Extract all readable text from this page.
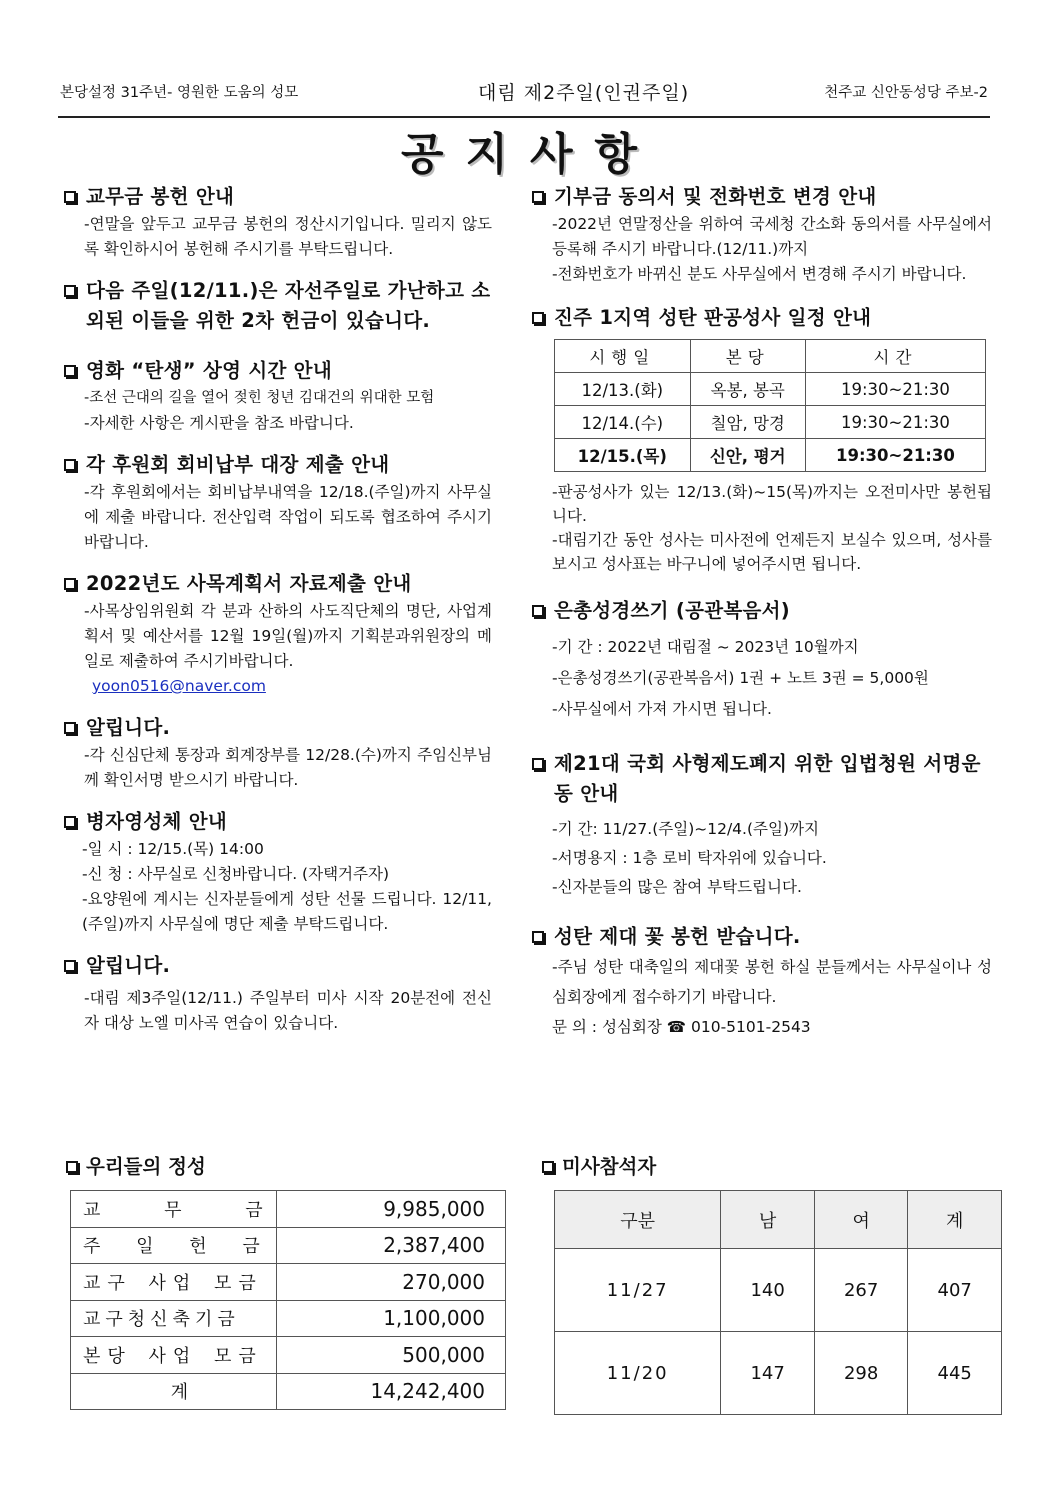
본당설정 31주년- 영원한 도움의 성모	대림 제2주일(인권주일)	천주교 신안동성당 주보-2
공지사항
교무금 봉헌 안내

-연말을 앞두고 교무금 봉헌의 정산시기입니다. 밀리지 않도록 확인하시어 봉헌해 주시기를 부탁드립니다.

다음 주일(12/11.)은 자선주일로 가난하고 소외된 이들을 위한 2차 헌금이 있습니다.
영화 “탄생” 상영 시간 안내

-조선 근대의 길을 열어 젖힌 청년 김대건의 위대한 모험

-자세한 사항은 게시판을 참조 바랍니다.

각 후원회 회비납부 대장 제출 안내

-각 후원회에서는 회비납부내역을 12/18.(주일)까지 사무실에 제출 바랍니다. 전산입력 작업이 되도록 협조하여 주시기 바랍니다.

2022년도 사목계획서 자료제출 안내

-사목상임위원회 각 분과 산하의 사도직단체의 명단, 사업계획서 및 예산서를 12월 19일(월)까지 기획분과위원장의 메일로 제출하여 주시기바랍니다.

yoon0516@naver.com

알립니다.

-각 신심단체 통장과 회계장부를 12/28.(수)까지 주임신부님께 확인서명 받으시기 바랍니다.

병자영성체 안내

-일 시 : 12/15.(목) 14:00

-신 청 : 사무실로 신청바랍니다. (자택거주자)

-요양원에 계시는 신자분들에게 성탄 선물 드립니다. 12/11,(주일)까지 사무실에 명단 제출 부탁드립니다.

알립니다.

-대림 제3주일(12/11.) 주일부터 미사 시작 20분전에 전신자 대상 노엘 미사곡 연습이 있습니다.

기부금 동의서 및 전화번호 변경 안내

-2022년 연말정산을 위하여 국세청 간소화 동의서를 사무실에서 등록해 주시기 바랍니다.(12/11.)까지

-전화번호가 바뀌신 분도 사무실에서 변경해 주시기 바랍니다.

진주 1지역 성탄 판공성사 일정 안내
시행일	본당	시간
12/13.(화)	옥봉, 봉곡	19:30~21:30
12/14.(수)	칠암, 망경	19:30~21:30
12/15.(목)	신안, 평거	19:30~21:30

-판공성사가 있는 12/13.(화)~15(목)까지는 오전미사만 봉헌됩니다.

-대림기간 동안 성사는 미사전에 언제든지 보실수 있으며, 성사를 보시고 성사표는 바구니에 넣어주시면 됩니다.

은총성경쓰기 (공관복음서)

-기 간 : 2022년 대림절 ~ 2023년 10월까지

-은총성경쓰기(공관복음서) 1권 + 노트 3권 = 5,000원

-사무실에서 가져 가시면 됩니다.

제21대 국회 사형제도폐지 위한 입법청원 서명운동 안내

-기 간: 11/27.(주일)~12/4.(주일)까지

-서명용지 : 1층 로비 탁자위에 있습니다.

-신자분들의 많은 참여 부탁드립니다.

성탄 제대 꽃 봉헌 받습니다.

-주님 성탄 대축일의 제대꽃 봉헌 하실 분들께서는 사무실이나 성심회장에게 접수하기기 바랍니다.

문 의 : 성심회장 ☎ 010-5101-2543

우리들의 정성
교 무 금	9,985,000
주 일 헌 금	2,387,400
교구 사업 모금	270,000
교구청신축기금	1,100,000
본당 사업 모금	500,000
계	14,242,400
미사참석자
구분	남	여	계
11/27	140	267	407
11/20	147	298	445
